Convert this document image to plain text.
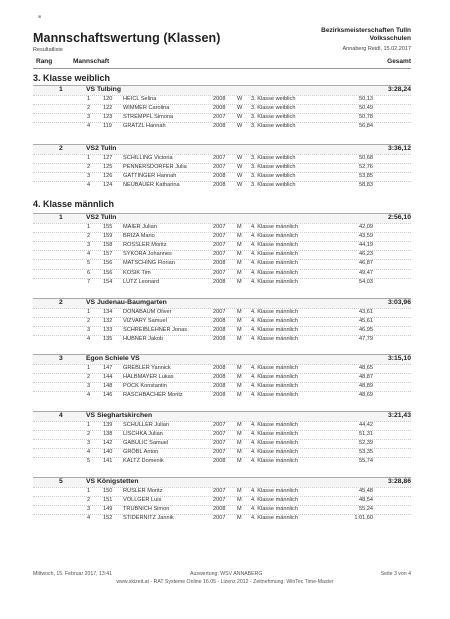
■
Mannschaftswertung (Klassen)
Resultatliste
Bezirksmeisterschaften Tulln
Volksschulen
Annaberg Reidl, 15.02.2017
Rang	Mannschaft	Gesamt
3. Klasse weiblich
1	VS Tulbing	3:28,24
1 120 HEICL Selina	2008 W 3. Klasse weiblich	50,13
2 122 WIMMER Carolina	2008 W 3. Klasse weiblich	50,49
3 123 STREMPFL Simona	2007 W 3. Klasse weiblich	50,78
4 119 GRATZL Hannah	2008 W 3. Klasse weiblich	56,84
2	VS2 Tulln	3:36,12
1 127 SCHILLING Victoria	2007 W 3. Klasse weiblich	50,68
2 125 PENNERSDORFER Julia	2007 W 3. Klasse weiblich	52,76
3 126 GATTINGER Hannah	2008 W 3. Klasse weiblich	53,85
4 124 NEUBAUER Katharina	2008 W 3. Klasse weiblich	58,83
4. Klasse männlich
1	VS2 Tulln	2:56,10
1 155 MAIER Julian	2007 M 4. Klasse männlich	42,09
2 159 BRIZA Mario	2007 M 4. Klasse männlich	43,59
3 158 ROSSLER Moritz	2007 M 4. Klasse männlich	44,19
4 157 SYKORA Johannes	2007 M 4. Klasse männlich	46,23
5 156 MATSCHING Florian	2008 M 4. Klasse männlich	46,87
6 156 KOSIK Tim	2007 M 4. Klasse männlich	49,47
7 154 LUTZ Leonard	2008 M 4. Klasse männlich	54,03
2	VS Judenau-Baumgarten	3:03,96
1 134 DONABAUM Oliver	2007 M 4. Klasse männlich	43,61
2 132 VIZVARY Samuel	2008 M 4. Klasse männlich	45,61
3 133 SCHREIBLEHNER Jonas	2008 M 4. Klasse männlich	46,95
4 135 HUBNER Jakob	2008 M 4. Klasse männlich	47,79
3	Egon Schiele VS	3:15,10
1 147 GREBLER Yannick	2008 M 4. Klasse männlich	48,65
2 144 HALBMAYER Lukas	2008 M 4. Klasse männlich	48,87
3 148 POCK Konstantin	2008 M 4. Klasse männlich	48,89
4 146 RASCHBACHER Moritz	2008 M 4. Klasse männlich	48,69
4	VS Sieghartskirchen	3:21,43
1 139 SCHULLER Julian	2007 M 4. Klasse männlich	44,42
2 138 LISCHKA Julian	2007 M 4. Klasse männlich	51,31
3 142 GABULIC Samuel	2007 M 4. Klasse männlich	52,39
4 140 GRÖBL Anton	2007 M 4. Klasse männlich	53,35
5 141 KALTZ Domenik	2008 M 4. Klasse männlich	55,74
5	VS Königstetten	3:28,86
1 150 RUSLER Moritz	2007 M 4. Klasse männlich	45,48
2 151 VOLLGER Luis	2007 M 4. Klasse männlich	48,54
3 149 TRUBNICH Simon	2008 M 4. Klasse männlich	55,24
4 152 STIDERNITZ Jannik	2007 M 4. Klasse männlich	1:01,60
Mittwoch, 15. Februar 2017, 13:41	Auswertung: WSV ANNABERG	Seite 3 von 4
www.skizeit.at - RAT Systeme Online 16.05 - Lizenz 2012 - Zeitnehmung: WinTec Time-Master
